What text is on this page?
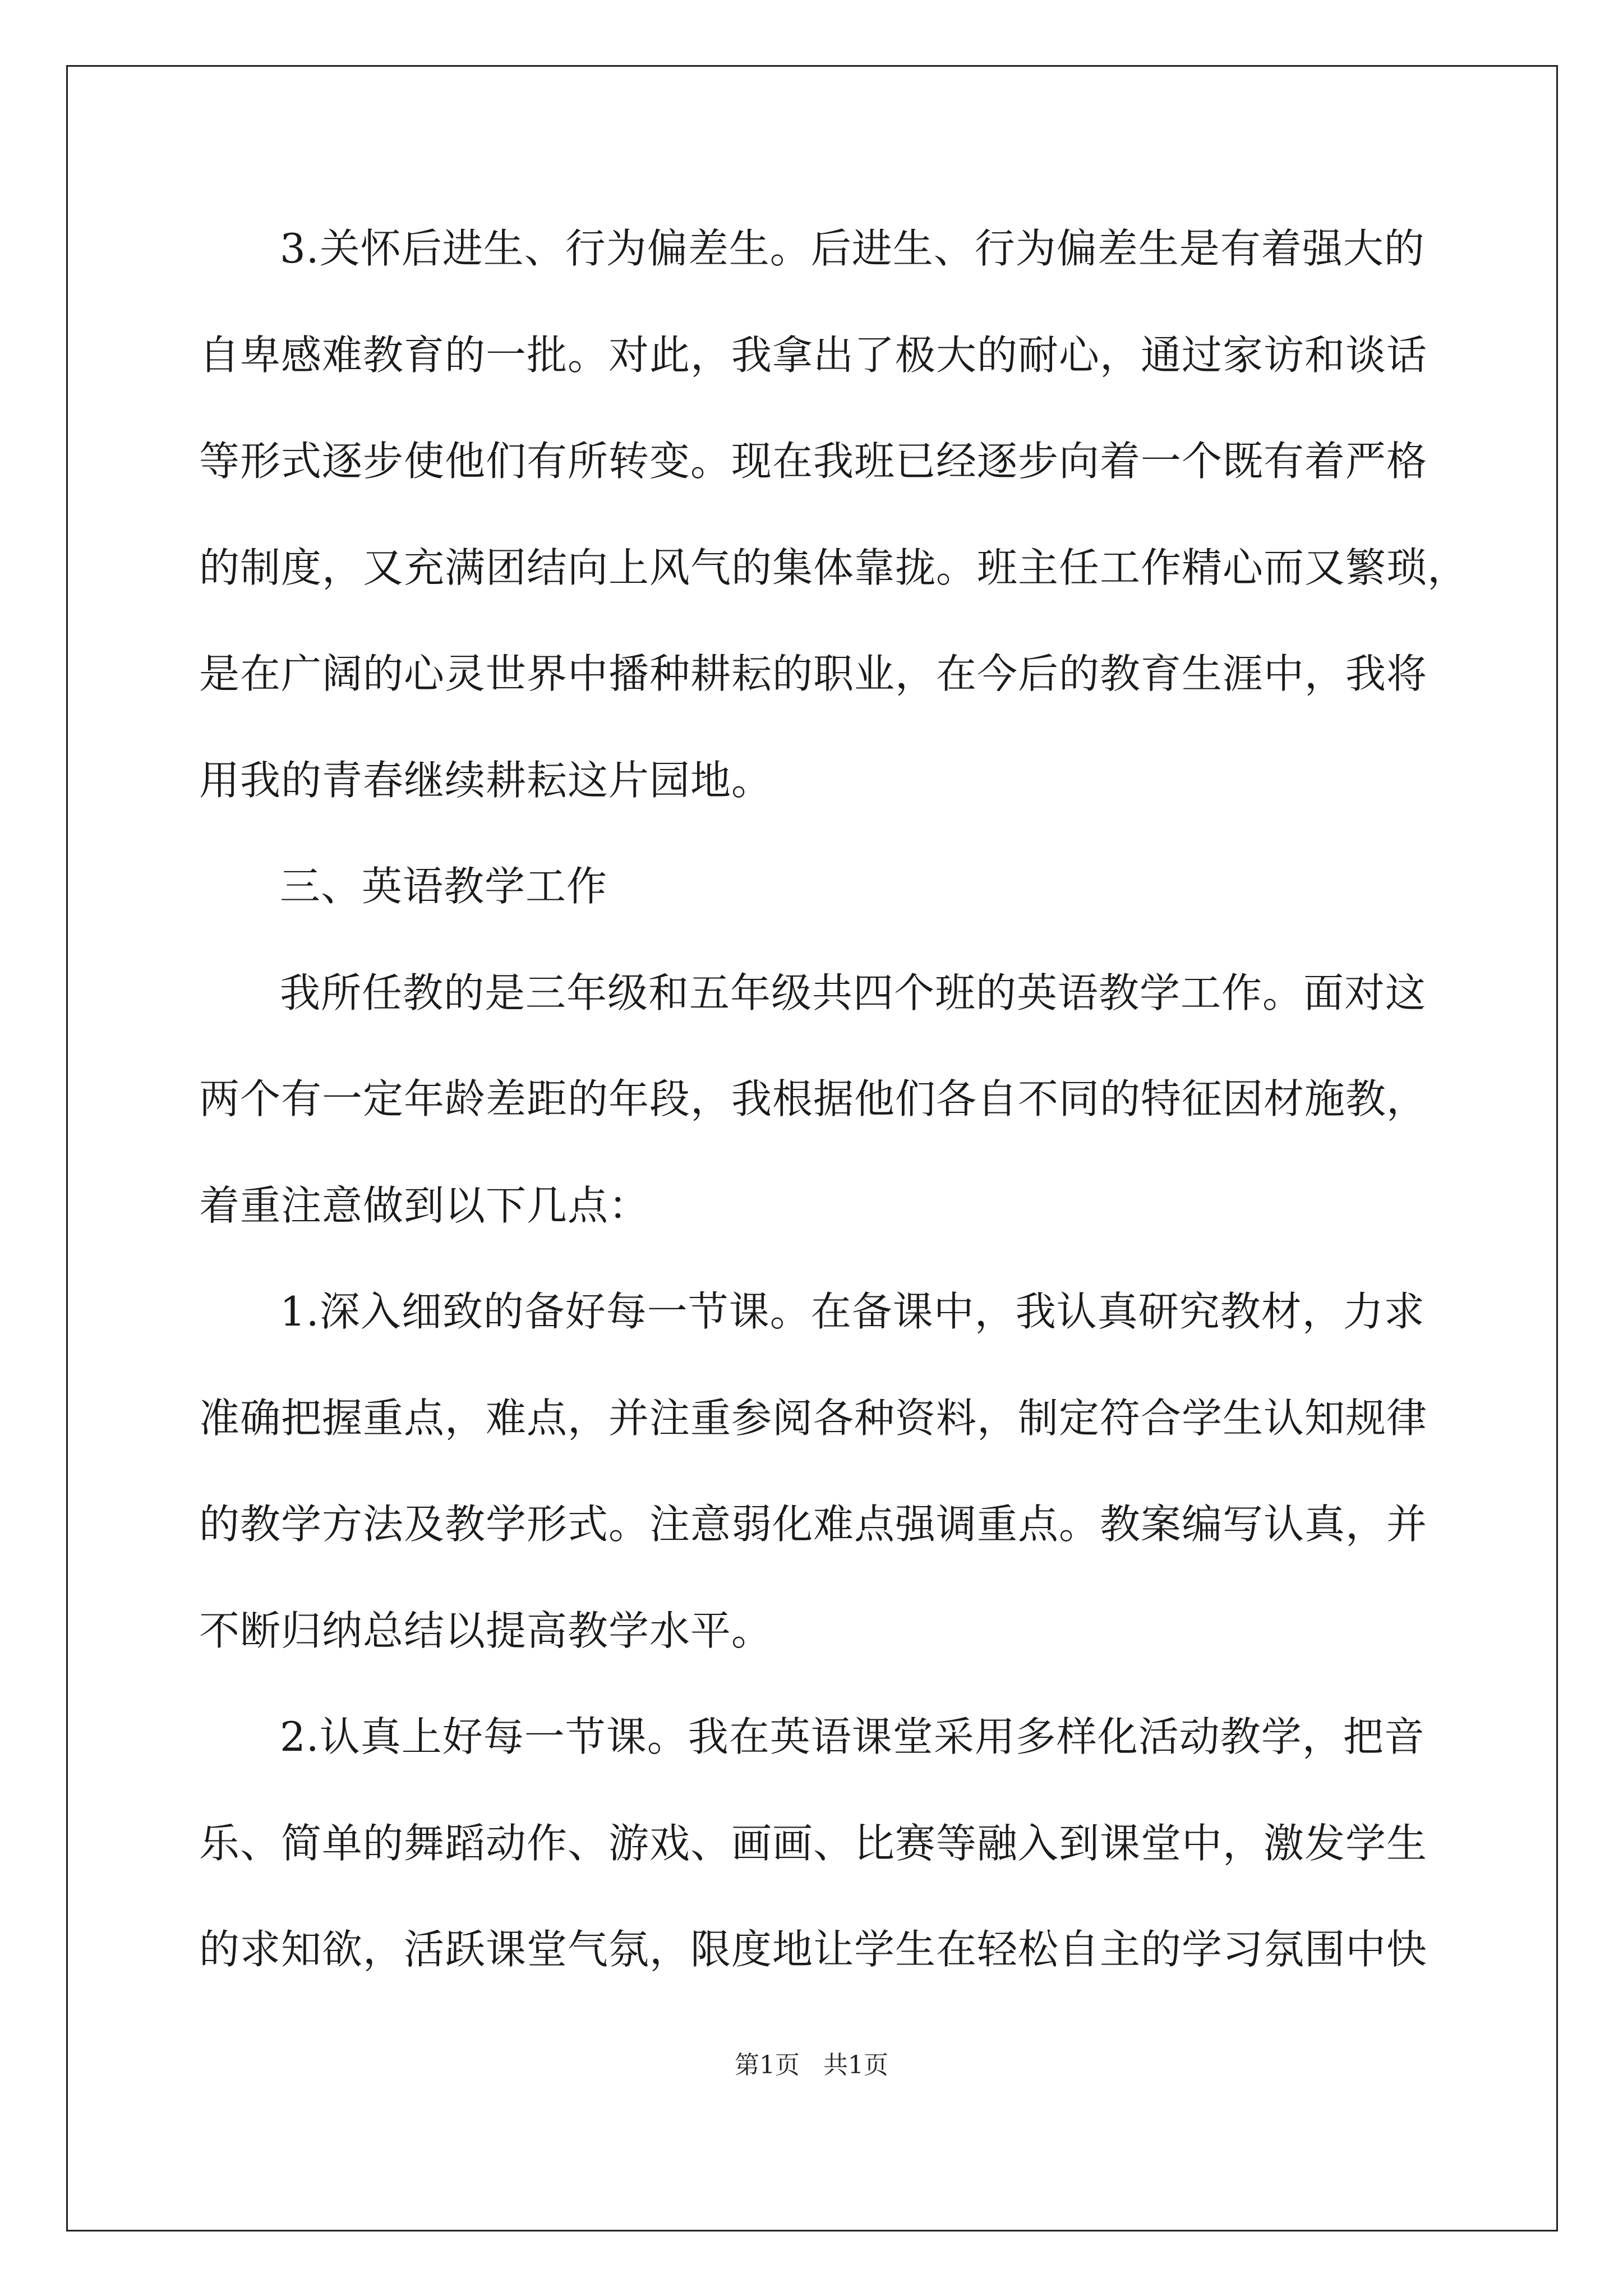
3.关怀后进生、行为偏差生。后进生、行为偏差生是有着强大的
自卑感难教育的一批。对此，我拿出了极大的耐心，通过家访和谈话
等形式逐步使他们有所转变。现在我班已经逐步向着一个既有着严格
的制度，又充满团结向上风气的集体靠拢。班主任工作精心而又繁琐，
是在广阔的心灵世界中播种耕耘的职业，在今后的教育生涯中，我将
用我的青春继续耕耘这片园地。
三、英语教学工作
我所任教的是三年级和五年级共四个班的英语教学工作。面对这
两个有一定年龄差距的年段，我根据他们各自不同的特征因材施教，
着重注意做到以下几点：
1.深入细致的备好每一节课。在备课中，我认真研究教材，力求
准确把握重点，难点，并注重参阅各种资料，制定符合学生认知规律
的教学方法及教学形式。注意弱化难点强调重点。教案编写认真，并
不断归纳总结以提高教学水平。
2.认真上好每一节课。我在英语课堂采用多样化活动教学，把音
乐、简单的舞蹈动作、游戏、画画、比赛等融入到课堂中，激发学生
的求知欲，活跃课堂气氛，限度地让学生在轻松自主的学习氛围中快
第1页 共1页
